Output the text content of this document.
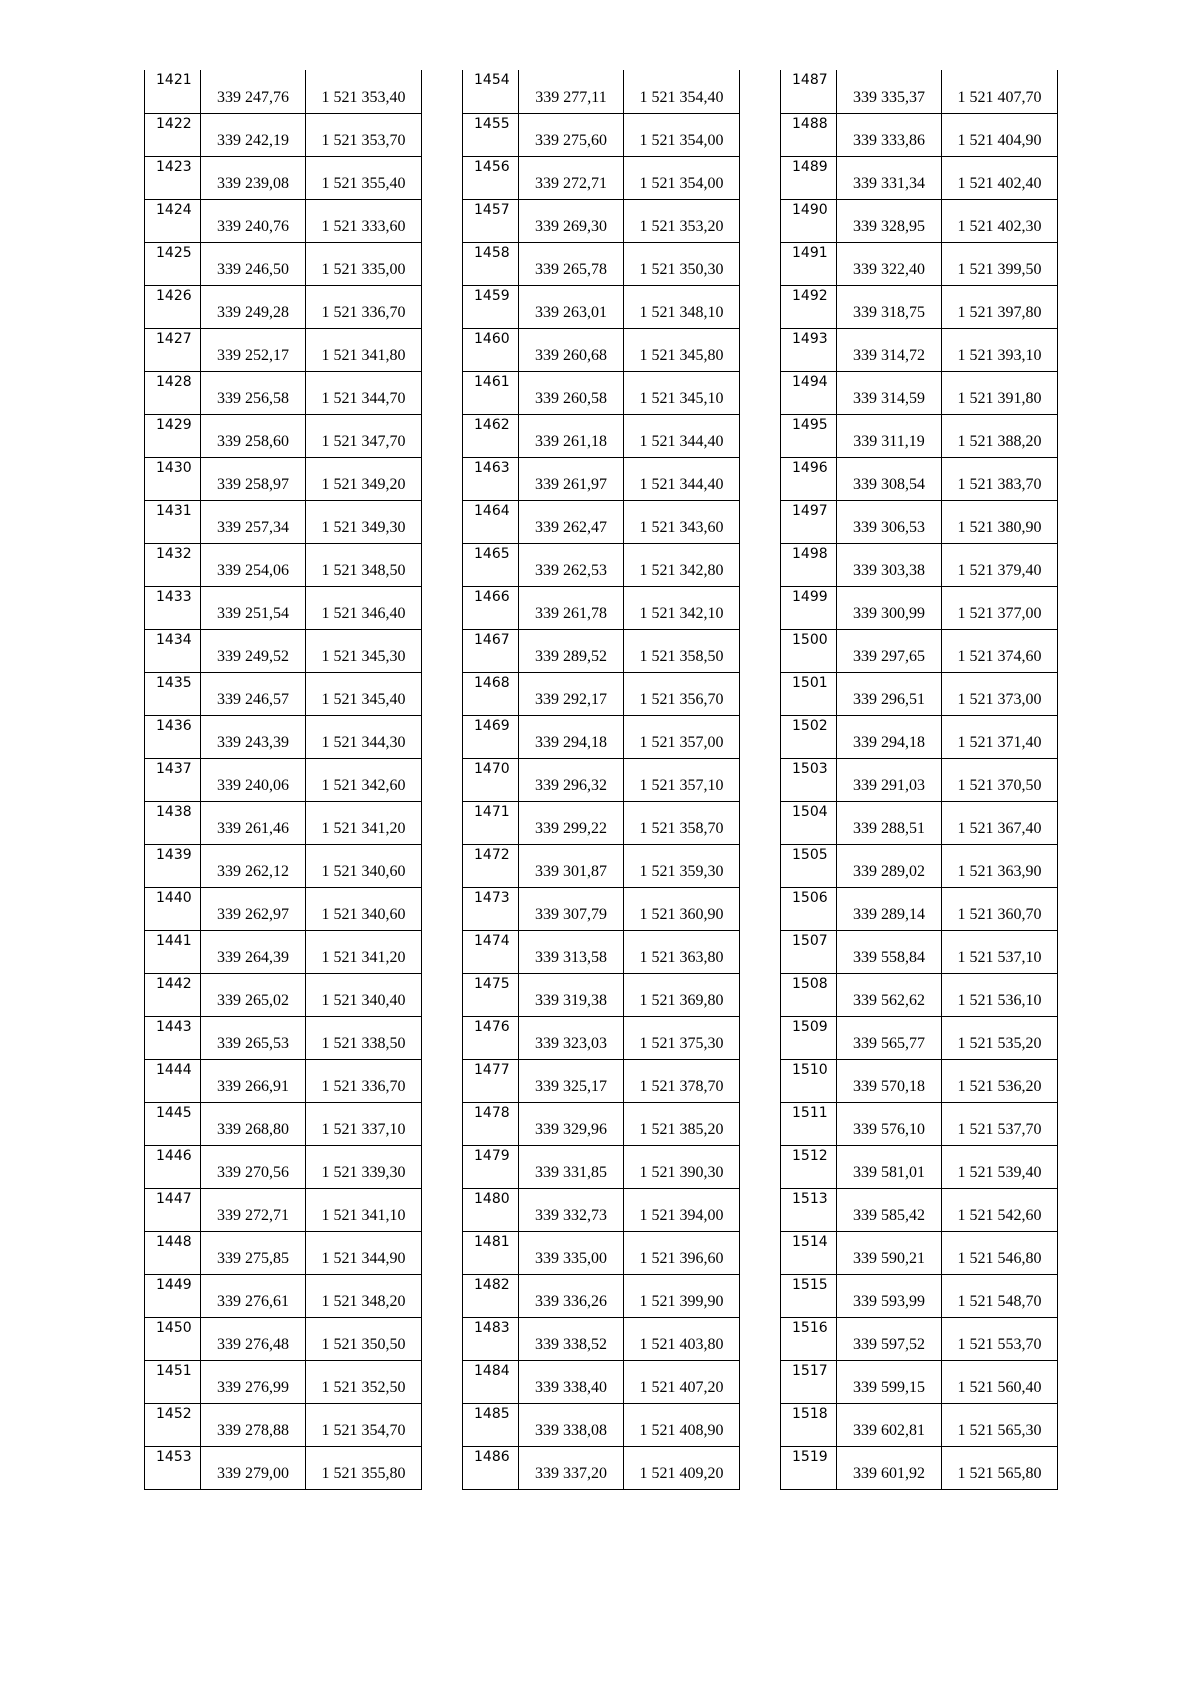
1421	339 247,76	1 521 353,40
1422	339 242,19	1 521 353,70
1423	339 239,08	1 521 355,40
1424	339 240,76	1 521 333,60
1425	339 246,50	1 521 335,00
1426	339 249,28	1 521 336,70
1427	339 252,17	1 521 341,80
1428	339 256,58	1 521 344,70
1429	339 258,60	1 521 347,70
1430	339 258,97	1 521 349,20
1431	339 257,34	1 521 349,30
1432	339 254,06	1 521 348,50
1433	339 251,54	1 521 346,40
1434	339 249,52	1 521 345,30
1435	339 246,57	1 521 345,40
1436	339 243,39	1 521 344,30
1437	339 240,06	1 521 342,60
1438	339 261,46	1 521 341,20
1439	339 262,12	1 521 340,60
1440	339 262,97	1 521 340,60
1441	339 264,39	1 521 341,20
1442	339 265,02	1 521 340,40
1443	339 265,53	1 521 338,50
1444	339 266,91	1 521 336,70
1445	339 268,80	1 521 337,10
1446	339 270,56	1 521 339,30
1447	339 272,71	1 521 341,10
1448	339 275,85	1 521 344,90
1449	339 276,61	1 521 348,20
1450	339 276,48	1 521 350,50
1451	339 276,99	1 521 352,50
1452	339 278,88	1 521 354,70
1453	339 279,00	1 521 355,80
1454	339 277,11	1 521 354,40
1455	339 275,60	1 521 354,00
1456	339 272,71	1 521 354,00
1457	339 269,30	1 521 353,20
1458	339 265,78	1 521 350,30
1459	339 263,01	1 521 348,10
1460	339 260,68	1 521 345,80
1461	339 260,58	1 521 345,10
1462	339 261,18	1 521 344,40
1463	339 261,97	1 521 344,40
1464	339 262,47	1 521 343,60
1465	339 262,53	1 521 342,80
1466	339 261,78	1 521 342,10
1467	339 289,52	1 521 358,50
1468	339 292,17	1 521 356,70
1469	339 294,18	1 521 357,00
1470	339 296,32	1 521 357,10
1471	339 299,22	1 521 358,70
1472	339 301,87	1 521 359,30
1473	339 307,79	1 521 360,90
1474	339 313,58	1 521 363,80
1475	339 319,38	1 521 369,80
1476	339 323,03	1 521 375,30
1477	339 325,17	1 521 378,70
1478	339 329,96	1 521 385,20
1479	339 331,85	1 521 390,30
1480	339 332,73	1 521 394,00
1481	339 335,00	1 521 396,60
1482	339 336,26	1 521 399,90
1483	339 338,52	1 521 403,80
1484	339 338,40	1 521 407,20
1485	339 338,08	1 521 408,90
1486	339 337,20	1 521 409,20
1487	339 335,37	1 521 407,70
1488	339 333,86	1 521 404,90
1489	339 331,34	1 521 402,40
1490	339 328,95	1 521 402,30
1491	339 322,40	1 521 399,50
1492	339 318,75	1 521 397,80
1493	339 314,72	1 521 393,10
1494	339 314,59	1 521 391,80
1495	339 311,19	1 521 388,20
1496	339 308,54	1 521 383,70
1497	339 306,53	1 521 380,90
1498	339 303,38	1 521 379,40
1499	339 300,99	1 521 377,00
1500	339 297,65	1 521 374,60
1501	339 296,51	1 521 373,00
1502	339 294,18	1 521 371,40
1503	339 291,03	1 521 370,50
1504	339 288,51	1 521 367,40
1505	339 289,02	1 521 363,90
1506	339 289,14	1 521 360,70
1507	339 558,84	1 521 537,10
1508	339 562,62	1 521 536,10
1509	339 565,77	1 521 535,20
1510	339 570,18	1 521 536,20
1511	339 576,10	1 521 537,70
1512	339 581,01	1 521 539,40
1513	339 585,42	1 521 542,60
1514	339 590,21	1 521 546,80
1515	339 593,99	1 521 548,70
1516	339 597,52	1 521 553,70
1517	339 599,15	1 521 560,40
1518	339 602,81	1 521 565,30
1519	339 601,92	1 521 565,80
